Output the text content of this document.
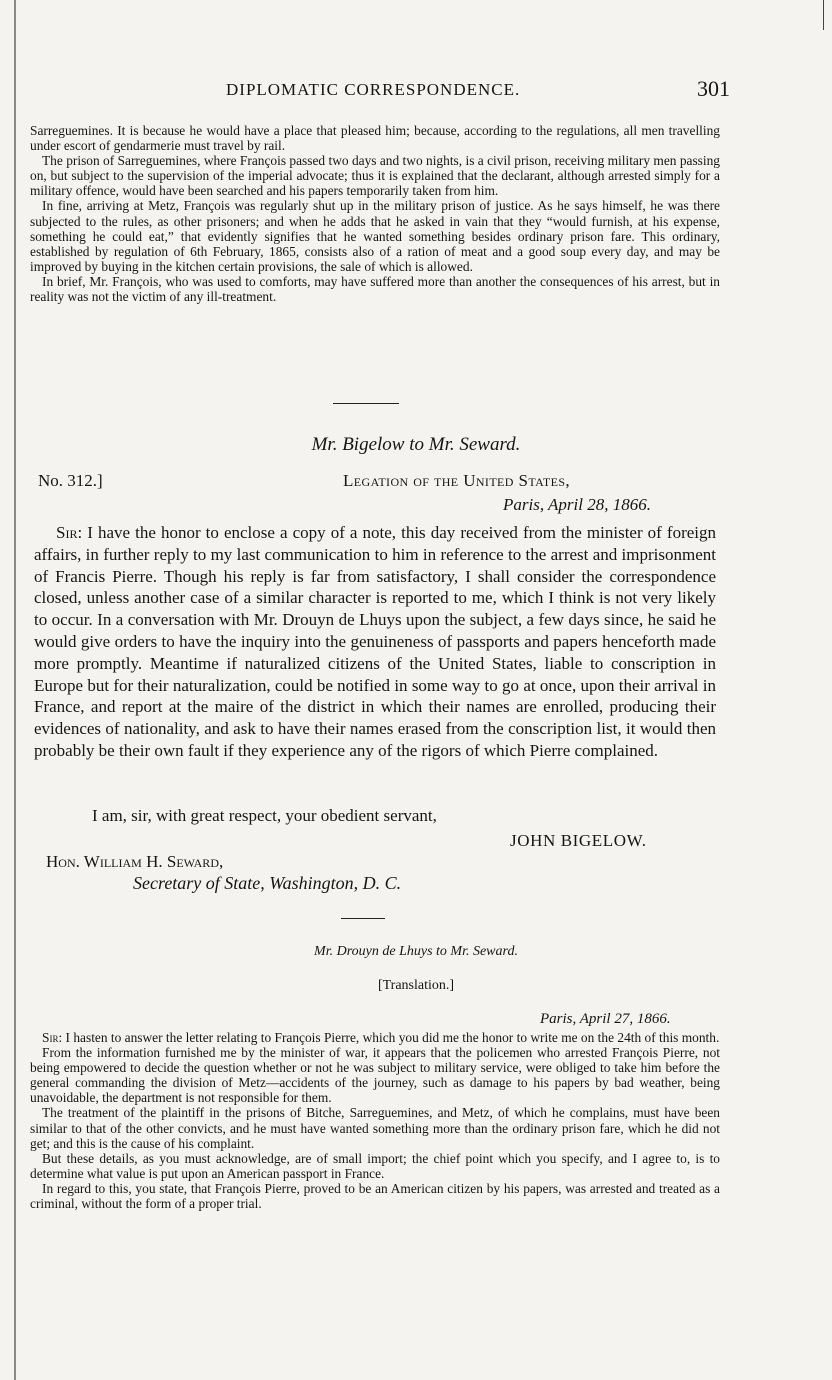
DIPLOMATIC CORRESPONDENCE.	301

Sarreguemines. It is because he would have a place that pleased him; because, according to the regulations, all men travelling under escort of gendarmerie must travel by rail.

The prison of Sarreguemines, where François passed two days and two nights, is a civil prison, receiving military men passing on, but subject to the supervision of the imperial advocate; thus it is explained that the declarant, although arrested simply for a military offence, would have been searched and his papers temporarily taken from him.

In fine, arriving at Metz, François was regularly shut up in the military prison of justice. As he says himself, he was there subjected to the rules, as other prisoners; and when he adds that he asked in vain that they “would furnish, at his expense, something he could eat,” that evidently signifies that he wanted something besides ordinary prison fare. This ordinary, established by regulation of 6th February, 1865, consists also of a ration of meat and a good soup every day, and may be improved by buying in the kitchen certain provisions, the sale of which is allowed.

In brief, Mr. François, who was used to comforts, may have suffered more than another the consequences of his arrest, but in reality was not the victim of any ill-treatment.

Mr. Bigelow to Mr. Seward.
No. 312.]	Legation of the United States,
Paris, April 28, 1866.

Sir: I have the honor to enclose a copy of a note, this day received from the minister of foreign affairs, in further reply to my last communication to him in reference to the arrest and imprisonment of Francis Pierre. Though his reply is far from satisfactory, I shall consider the correspondence closed, unless another case of a similar character is reported to me, which I think is not very likely to occur. In a conversation with Mr. Drouyn de Lhuys upon the subject, a few days since, he said he would give orders to have the inquiry into the genuineness of passports and papers henceforth made more promptly. Meantime if naturalized citizens of the United States, liable to conscription in Europe but for their naturalization, could be notified in some way to go at once, upon their arrival in France, and report at the maire of the district in which their names are enrolled, producing their evidences of nationality, and ask to have their names erased from the conscription list, it would then probably be their own fault if they experience any of the rigors of which Pierre complained.

I am, sir, with great respect, your obedient servant,
JOHN BIGELOW.
Hon. William H. Seward,
Secretary of State, Washington, D. C.
Mr. Drouyn de Lhuys to Mr. Seward.
[Translation.]
Paris, April 27, 1866.

Sir: I hasten to answer the letter relating to François Pierre, which you did me the honor to write me on the 24th of this month.

From the information furnished me by the minister of war, it appears that the policemen who arrested François Pierre, not being empowered to decide the question whether or not he was subject to military service, were obliged to take him before the general commanding the division of Metz—accidents of the journey, such as damage to his papers by bad weather, being unavoidable, the department is not responsible for them.

The treatment of the plaintiff in the prisons of Bitche, Sarreguemines, and Metz, of which he complains, must have been similar to that of the other convicts, and he must have wanted something more than the ordinary prison fare, which he did not get; and this is the cause of his complaint.

But these details, as you must acknowledge, are of small import; the chief point which you specify, and I agree to, is to determine what value is put upon an American passport in France.

In regard to this, you state, that François Pierre, proved to be an American citizen by his papers, was arrested and treated as a criminal, without the form of a proper trial.
